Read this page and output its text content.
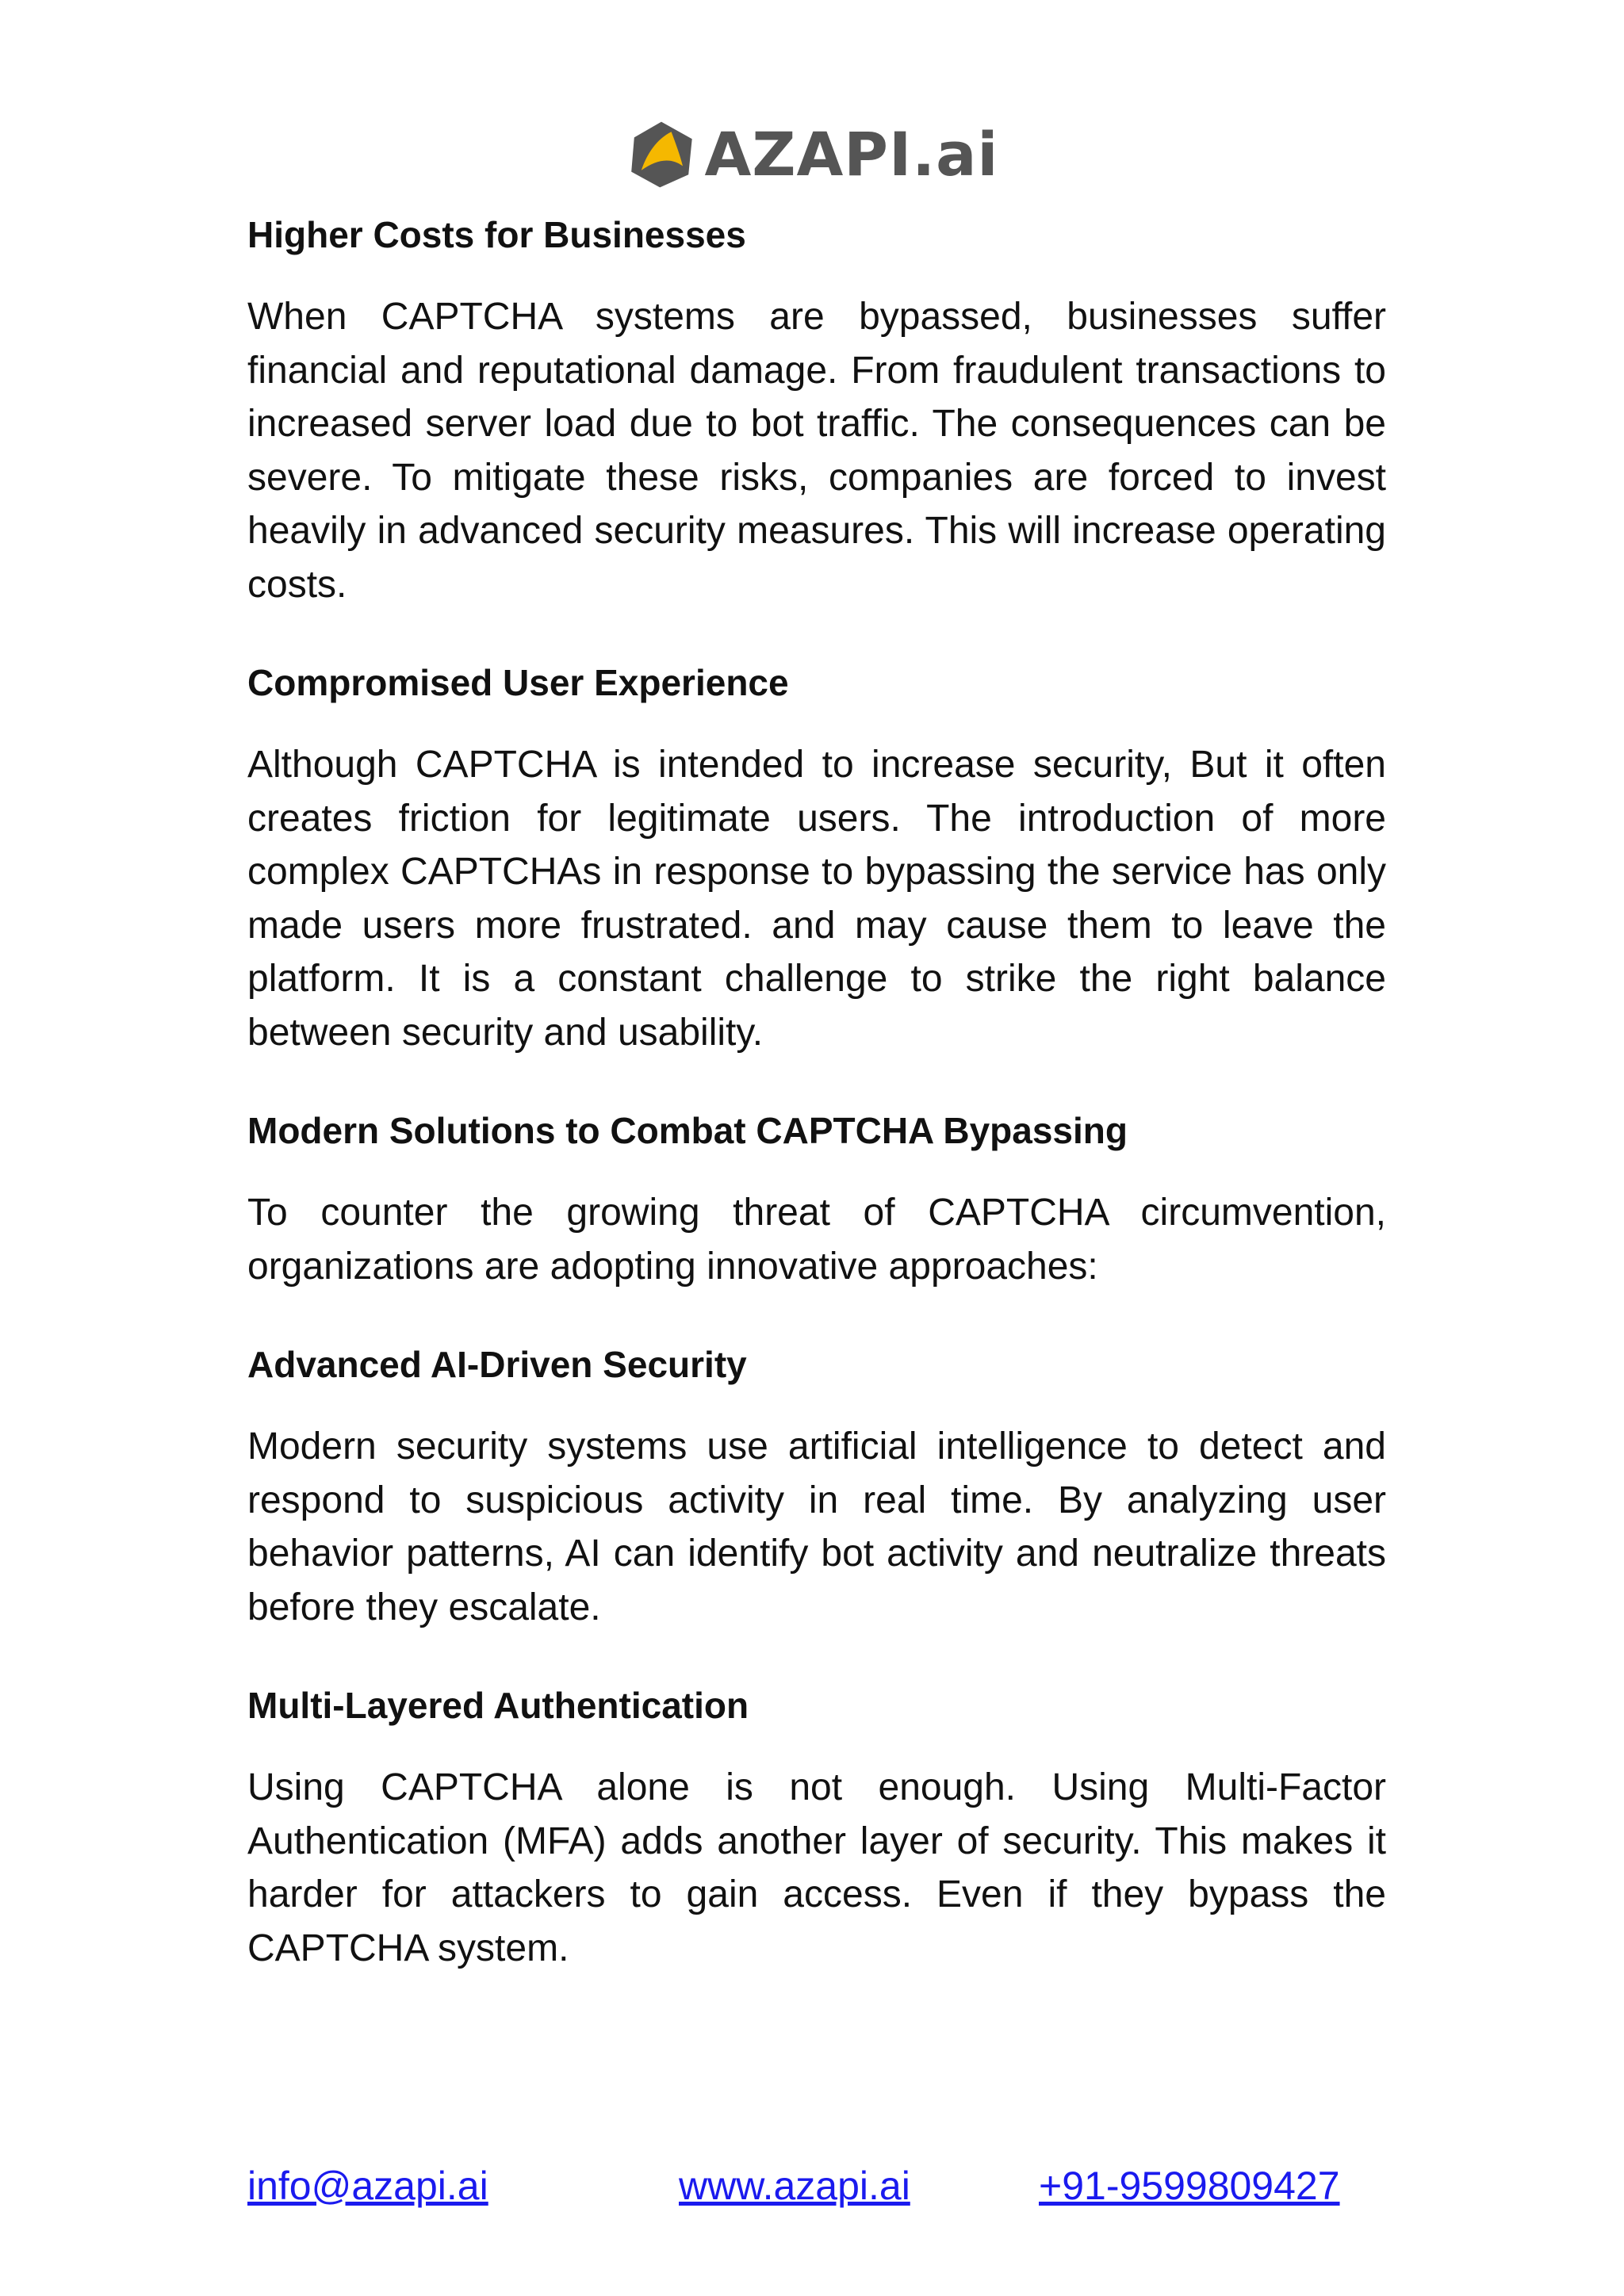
AZAPI.ai
Higher Costs for Businesses

When CAPTCHA systems are bypassed, businesses suffer financial and reputational damage. From fraudulent transactions to increased server load due to bot traffic. The consequences can be severe. To mitigate these risks, companies are forced to invest heavily in advanced security measures. This will increase operating costs.

Compromised User Experience

Although CAPTCHA is intended to increase security, But it often creates friction for legitimate users. The introduction of more complex CAPTCHAs in response to bypassing the service has only made users more frustrated. and may cause them to leave the platform. It is a constant challenge to strike the right balance between security and usability.

Modern Solutions to Combat CAPTCHA Bypassing

To counter the growing threat of CAPTCHA circumvention, organizations are adopting innovative approaches:

Advanced AI-Driven Security

Modern security systems use artificial intelligence to detect and respond to suspicious activity in real time. By analyzing user behavior patterns, AI can identify bot activity and neutralize threats before they escalate.

Multi-Layered Authentication

Using CAPTCHA alone is not enough. Using Multi-Factor Authentication (MFA) adds another layer of security. This makes it harder for attackers to gain access. Even if they bypass the CAPTCHA system.

info@azapi.ai	www.azapi.ai	+91-9599809427
